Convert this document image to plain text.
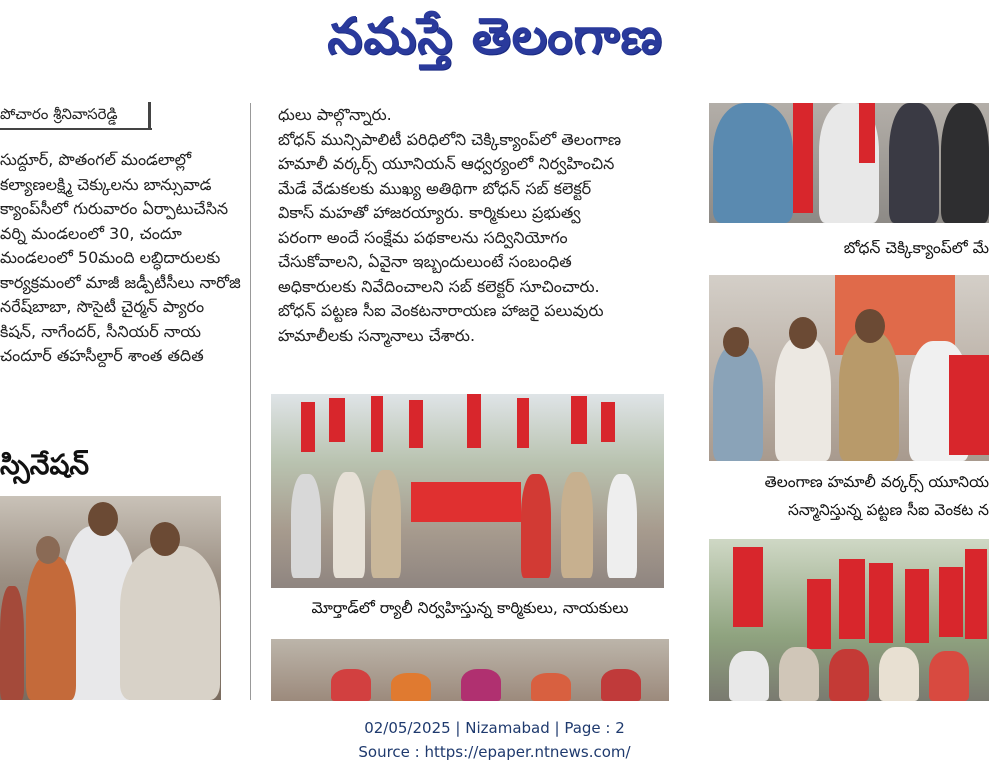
నమస్తే తెలంగాణ
పోచారం శ్రీనివాసరెడ్డి
సుద్దూర్, పొతంగల్ మండలాల్లో
కల్యాణలక్ష్మి చెక్కులను బాన్సువాడ
క్యాంప్‌సీలో గురువారం ఏర్పాటుచేసిన
వర్ని మండలంలో 30, చందూ
మండలంలో 50మంది లబ్ధిదారులకు
కార్యక్రమంలో మాజీ జడ్పీటీసీలు నారోజి
నరేష్‌బాబా, సొసైటీ చైర్మన్ ప్యారం
కిషన్, నాగేందర్, సీనియర్ నాయ
చందూర్ తహసీల్దార్ శాంత తదిత
స్సినేషన్
ధులు పాల్గొన్నారు.
బోధన్ మున్సిపాలిటీ పరిధిలోని చెక్కిక్యాంప్‌లో తెలంగాణ
హమాలీ వర్కర్స్ యూనియన్ ఆధ్వర్యంలో నిర్వహించిన
మేడే వేడుకలకు ముఖ్య అతిథిగా బోధన్ సబ్ కలెక్టర్
వికాస్ మహతో హాజరయ్యారు. కార్మికులు ప్రభుత్వ
పరంగా అందే సంక్షేమ పథకాలను సద్వినియోగం
చేసుకోవాలని, ఏవైనా ఇబ్బందులుంటే సంబంధిత
అధికారులకు నివేదించాలని సబ్ కలెక్టర్ సూచించారు.
బోధన్ పట్టణ సీఐ వెంకటనారాయణ హాజరై పలువురు
హమాలీలకు సన్మానాలు చేశారు.
మోర్తాడ్‌లో ర్యాలీ నిర్వహిస్తున్న కార్మికులు, నాయకులు
బోధన్ చెక్కిక్యాంప్‌లో మే
తెలంగాణ హమాలీ వర్కర్స్ యూనియ
సన్మానిస్తున్న పట్టణ సీఐ వెంకట న
02/05/2025 | Nizamabad | Page : 2
Source : https://epaper.ntnews.com/
